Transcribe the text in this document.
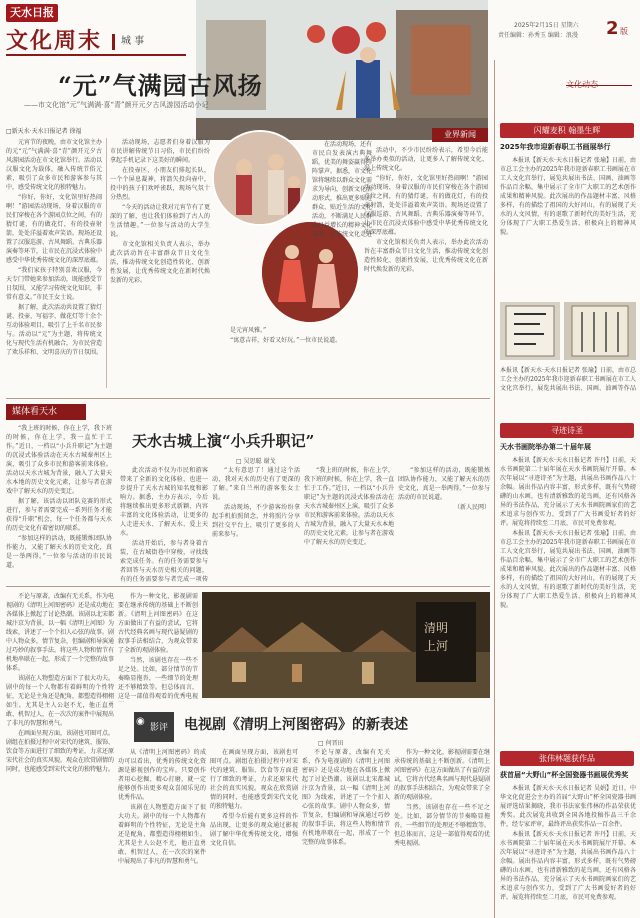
天水日报
文化周末	城 事
2025年2月15日 星期六
责任编辑：孙秀玉 编辑：浪漫 2 版
“元”气满园古风扬
——市文化馆“元”气满满·喜“青”颜开元夕古风游园活动小记
□新天水·天水日报记者 徐福	业界新闻

元宵节的夜晚，由市文化馆主办的元“元”气满满·喜“青”颜开元夕古风游园活动在市文化馆举行。活动以汉服文化为载体，融入传统节俗元素，吸引了众多市民和游客参与其中，感受传统文化的独特魅力。

“你好，你好，文化馆里好热闹啊！”游园活动现场，身着汉服的市民们穿梭在各个游园点位之间，有的猜灯谜，有的做花灯，有的投壶射箭，处处洋溢着欢声笑语。现场还设置了汉服巡游、古风舞蹈、古典乐器演奏等环节，让市民在沉浸式体验中感受中华优秀传统文化的深厚底蕴。

“我们家孩子特别喜欢汉服，今天专门带她来参加活动，既能感受节日氛围，又能学习传统文化知识，非常有意义。”市民王女士说。

据了解，此次活动共设置了猜灯谜、投壶、写福字、做花灯等十余个互动体验项目，吸引了上千名市民参与。活动以“元”为主题，将传统文化与现代生活有机融合，为市民营造了欢乐祥和、文明喜庆的节日氛围。

活动现场，志愿者们身着汉服为市民讲解传统节日习俗，市民们纷纷拿起手机记录下这美好的瞬间。

在投壶区，小朋友们排起长队，一个个屏息凝神，将箭矢投向壶中，投中的孩子们欢呼雀跃，现场气氛十分热烈。

“今天的活动让我对元宵节有了更深的了解，也让我们体验到了古人的生活情趣。”一位参与活动的大学生说。

市文化馆相关负责人表示，举办此次活动旨在丰富群众节日文化生活，推动传统文化创造性转化、创新性发展，让优秀传统文化在新时代焕发新的光彩。

是元宵风雅。”

“寓意吉祥，好看又好玩。”一位市民说道。

在活动现场，还有市民自发表演古典舞蹈，优美的舞姿赢得阵阵掌声。据悉，市文化馆将继续以群众文化需求为导向，创新文化活动形式，推出更多贴近群众、贴近生活的文化活动，不断满足人民群众日益增长的精神文化需求，让传统文化走进

活动中，不少市民纷纷表示，希望今后能多举办类似的活动，让更多人了解传统文化、爱上传统文化。

“你好，你好，文化馆里好热闹啊！”游园活动现场，身着汉服的市民们穿梭在各个游园点位之间，有的猜灯谜，有的做花灯，有的投壶射箭，处处洋溢着欢声笑语。现场还设置了汉服巡游、古风舞蹈、古典乐器演奏等环节，让市民在沉浸式体验中感受中华优秀传统文化的深厚底蕴。

市文化馆相关负责人表示，举办此次活动旨在丰富群众节日文化生活，推动传统文化创造性转化、创新性发展，让优秀传统文化在新时代焕发新的光彩。

文化动态
闪耀麦积 翰墨生辉
2025年我市迎新春职工书画展举行
本报讯【新天水·天水日报记者 张瑜】日前，由市总工会主办的2025年我市迎新春职工书画展在市工人文化宫举行，展览共展出书法、国画、油画等作品百余幅，集中展示了全市广大职工的艺术创作成果和精神风貌。此次展出的作品题材丰富、风格多样，有的描绘了祖国的大好河山，有的展现了天水的人文风情，有的讴歌了新时代的美好生活，充分体现了广大职工热爱生活、积极向上的精神风貌。
本报讯【新天水·天水日报记者 张瑜】日前，由市总工会主办的2025年我市迎新春职工书画展在市工人文化宫举行，展览共展出书法、国画、油画等作品
寻迹诗圣
天水书画院举办第二十届年展

本报讯【新天水·天水日报记者 许丹】日前，天水书画院第二十届年展在天水书画院展厅开幕。本次年展以“寻迹诗圣”为主题，共展出书画作品八十余幅。展出作品内容丰富，形式多样，既有气势磅礴的山水画，也有清新雅致的花鸟画，还有风格各异的书法作品，充分展示了天水书画院画家们的艺术追求与创作实力，受到了广大书画爱好者的好评。展览将持续至二月底，市民可免费参观。

本报讯【新天水·天水日报记者 张瑜】日前，由市总工会主办的2025年我市迎新春职工书画展在市工人文化宫举行，展览共展出书法、国画、油画等作品百余幅，集中展示了全市广大职工的艺术创作成果和精神风貌。此次展出的作品题材丰富、风格多样，有的描绘了祖国的大好河山，有的展现了天水的人文风情，有的讴歌了新时代的美好生活，充分体现了广大职工热爱生活、积极向上的精神风貌。

张伟林题获作品
获首届“大野山”杯全国瓷器书画展优秀奖

本报讯【新天水·天水日报记者 吴娟】近日，中华文化促进会主办的首届“大野山”杯全国瓷器书画展评选结果揭晓，我市书法家张伟林的作品荣获优秀奖。此次展览共收到全国各地投稿作品三千余件，经专家评审，最终评出获奖作品一百余件。

本报讯【新天水·天水日报记者 许丹】日前，天水书画院第二十届年展在天水书画院展厅开幕。本次年展以“寻迹诗圣”为主题，共展出书画作品八十余幅。展出作品内容丰富，形式多样，既有气势磅礴的山水画，也有清新雅致的花鸟画，还有风格各异的书法作品，充分展示了天水书画院画家们的艺术追求与创作实力，受到了广大书画爱好者的好评。展览将持续至二月底，市民可免费参观。

媒体看天水

“我上班的时候，你在上学，我下班的时候，你在上学，我一直忙于工作。”近日，一档以“小兵升职记”为主题的沉浸式体验活动在天水古城秦州区上演，吸引了众多市民和游客前来体验。活动以天水古城为背景，融入了大量天水本地的历史文化元素，让参与者在游戏中了解天水的历史变迁。

据了解，该活动以团队竞赛的形式进行，参与者需要完成一系列任务才能获得“升职”机会，每一个任务都与天水的历史文化有着密切的联系。

“参加这样的活动，既能锻炼团队协作能力，又能了解天水的历史文化，真是一举两得。”一位参与活动的市民说道。

天水古城上演“小兵升职记”
□ 吴思聪 谢戈

此次活动不仅为市民和游客带来了全新的文化体验，也进一步提升了天水古城的知名度和影响力。据悉，主办方表示，今后将继续推出更多形式新颖、内容丰富的文化体验活动，让更多的人走进天水、了解天水、爱上天水。

活动开始后，参与者身着古装，在古城街巷中穿梭，寻找线索完成任务。有的任务需要参与者回答与天水历史相关的问题，有的任务需要参与者完成一项传

“太有意思了！通过这个活动，我对天水的历史有了更深的了解。”来自兰州的游客张女士说。

活动现场，不少游客纷纷拿起手机拍照留念，并将照片分享到社交平台上，吸引了更多的人前来参与。

“我上班的时候，你在上学，我下班的时候，你在上学，我一直忙于工作。”近日，一档以“小兵升职记”为主题的沉浸式体验活动在天水古城秦州区上演，吸引了众多市民和游客前来体验。活动以天水古城为背景，融入了大量天水本地的历史文化元素，让参与者在游戏中了解天水的历史变迁。

“参加这样的活动，既能锻炼团队协作能力，又能了解天水的历史文化，真是一举两得。”一位参与活动的市民说道。

（新人民网）

不论与原著，改编有无关系，作为电视剧的《清明上河图密码》还是成功地在各媒体上掀起了讨论热潮。该剧以北宋都城汴京为背景，以一幅《清明上河图》为线索，讲述了一个个扣人心弦的故事。剧中人物众多，情节复杂，但编剧和导演通过巧妙的叙事手法，将这些人物和情节有机地串联在一起，形成了一个完整的故事体系。

该剧在人物塑造方面下了很大功夫。剧中的每一个人物都有着鲜明的个性特征，无论是主角还是配角，都塑造得栩栩如生。尤其是主人公赵不尤，他正直勇敢、机智过人，在一次次的案件中展现出了非凡的智慧和勇气。

在画面呈现方面，该剧也可圈可点。剧组在拍摄过程中对宋代的建筑、服饰、饮食等方面进行了细致的考证，力求还原宋代社会的真实风貌。观众在欣赏剧情的同时，也能感受到宋代文化的独特魅力。

作为一种文化，影视剧需要在继承传统的基础上不断创新。《清明上河图密码》在这方面做出了有益的尝试，它将古代经典名画与现代悬疑剧的叙事手法相结合，为观众带来了全新的观剧体验。

当然，该剧也存在一些不足之处。比如，部分情节的节奏略显拖沓，一些细节的处理还不够精致等。但总体而言，这是一部值得观看的优秀电视

清明
上河
◉
影评 电视剧《清明上河图密码》的新表述
□ 何晋田

从《清明上河图密码》的成功可以看出，优秀的传统文化资源是影视创作的宝库。只要创作者用心挖掘、精心打磨，就一定能够创作出更多观众喜闻乐见的优秀作品。

该剧在人物塑造方面下了很大功夫。剧中的每一个人物都有着鲜明的个性特征，无论是主角还是配角，都塑造得栩栩如生。尤其是主人公赵不尤，他正直勇敢、机智过人，在一次次的案件中展现出了非凡的智慧和勇气。

在画面呈现方面，该剧也可圈可点。剧组在拍摄过程中对宋代的建筑、服饰、饮食等方面进行了细致的考证，力求还原宋代社会的真实风貌。观众在欣赏剧情的同时，也能感受到宋代文化的独特魅力。

希望今后能有更多这样的作品出现，让更多的观众通过影视剧了解中华优秀传统文化，增强文化自信。

不论与原著，改编有无关系，作为电视剧的《清明上河图密码》还是成功地在各媒体上掀起了讨论热潮。该剧以北宋都城汴京为背景，以一幅《清明上河图》为线索，讲述了一个个扣人心弦的故事。剧中人物众多，情节复杂，但编剧和导演通过巧妙的叙事手法，将这些人物和情节有机地串联在一起，形成了一个完整的故事体系。

作为一种文化，影视剧需要在继承传统的基础上不断创新。《清明上河图密码》在这方面做出了有益的尝试，它将古代经典名画与现代悬疑剧的叙事手法相结合，为观众带来了全新的观剧体验。

当然，该剧也存在一些不足之处。比如，部分情节的节奏略显拖沓，一些细节的处理还不够精致等。但总体而言，这是一部值得观看的优秀电视剧。
